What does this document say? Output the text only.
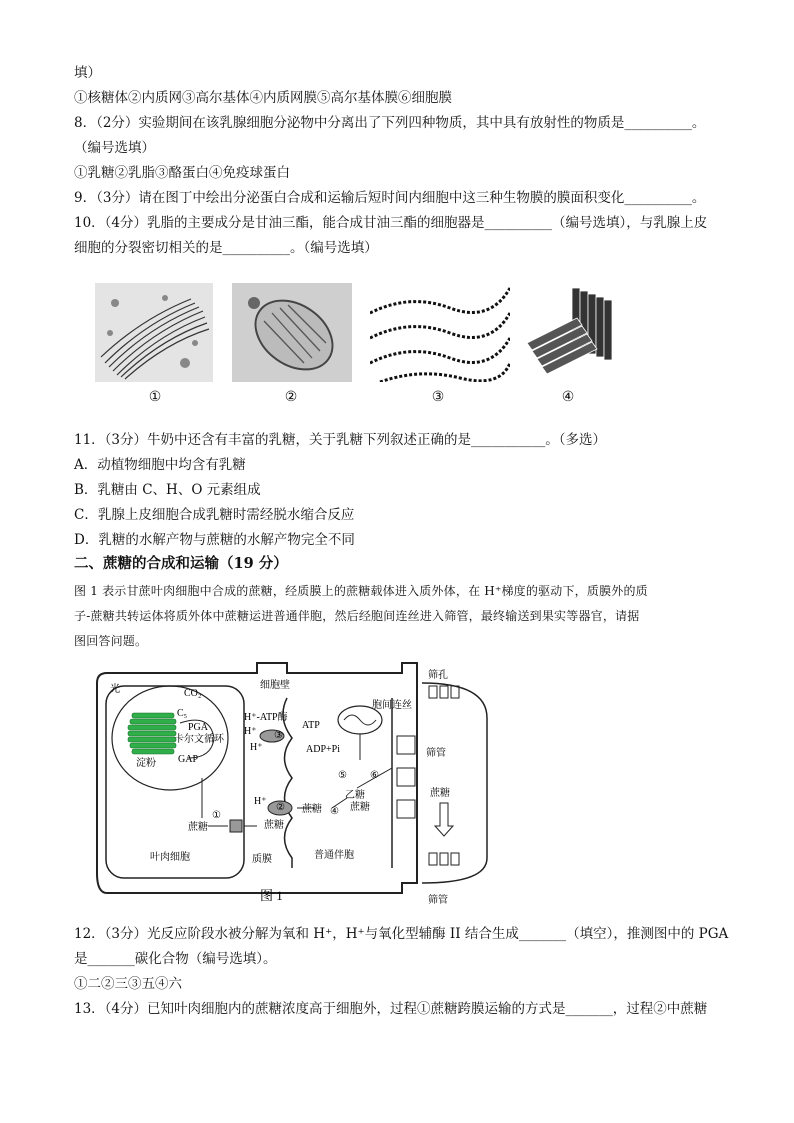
填）
①核糖体②内质网③高尔基体④内质网膜⑤高尔基体膜⑥细胞膜
8．（2分）实验期间在该乳腺细胞分泌物中分离出了下列四种物质，其中具有放射性的物质是__________。
（编号选填）
①乳糖②乳脂③酪蛋白④免疫球蛋白
9．（3分）请在图丁中绘出分泌蛋白合成和运输后短时间内细胞中这三种生物膜的膜面积变化__________。
10．（4分）乳脂的主要成分是甘油三酯，能合成甘油三酯的细胞器是__________（编号选填），与乳腺上皮
细胞的分裂密切相关的是__________。（编号选填）
①	②	③	④
11．（3分）牛奶中还含有丰富的乳糖，关于乳糖下列叙述正确的是___________。（多选）
A．动植物细胞中均含有乳糖
B．乳糖由 C、H、O 元素组成
C．乳腺上皮细胞合成乳糖时需经脱水缩合反应
D．乳糖的水解产物与蔗糖的水解产物完全不同
二、蔗糖的合成和运输（19 分）
图 1 表示甘蔗叶肉细胞中合成的蔗糖，经质膜上的蔗糖载体进入质外体，在 H⁺梯度的驱动下，质膜外的质
子-蔗糖共转运体将质外体中蔗糖运进普通伴胞，然后经胞间连丝进入筛管，最终输送到果实等器官，请据
图回答问题。
光	CO₂
C₅
PGA
卡尔文循环
淀粉 GAP
蔗糖
叶肉细胞	质膜
细胞壁
H⁺-ATP酶
H⁺
H⁺
H⁺
ATP
ADP+Pi
胞间连丝
筛孔
筛管
筛管
蔗糖
乙糖
蔗糖
蔗糖
蔗糖
普通伴胞
①
②
③
④
⑤ ⑥
图 1
12．（3分）光反应阶段水被分解为氧和 H⁺，H⁺与氧化型辅酶 II 结合生成_______（填空），推测图中的 PGA
是_______碳化合物（编号选填）。
①二②三③五④六
13．（4分）已知叶肉细胞内的蔗糖浓度高于细胞外，过程①蔗糖跨膜运输的方式是_______，过程②中蔗糖
